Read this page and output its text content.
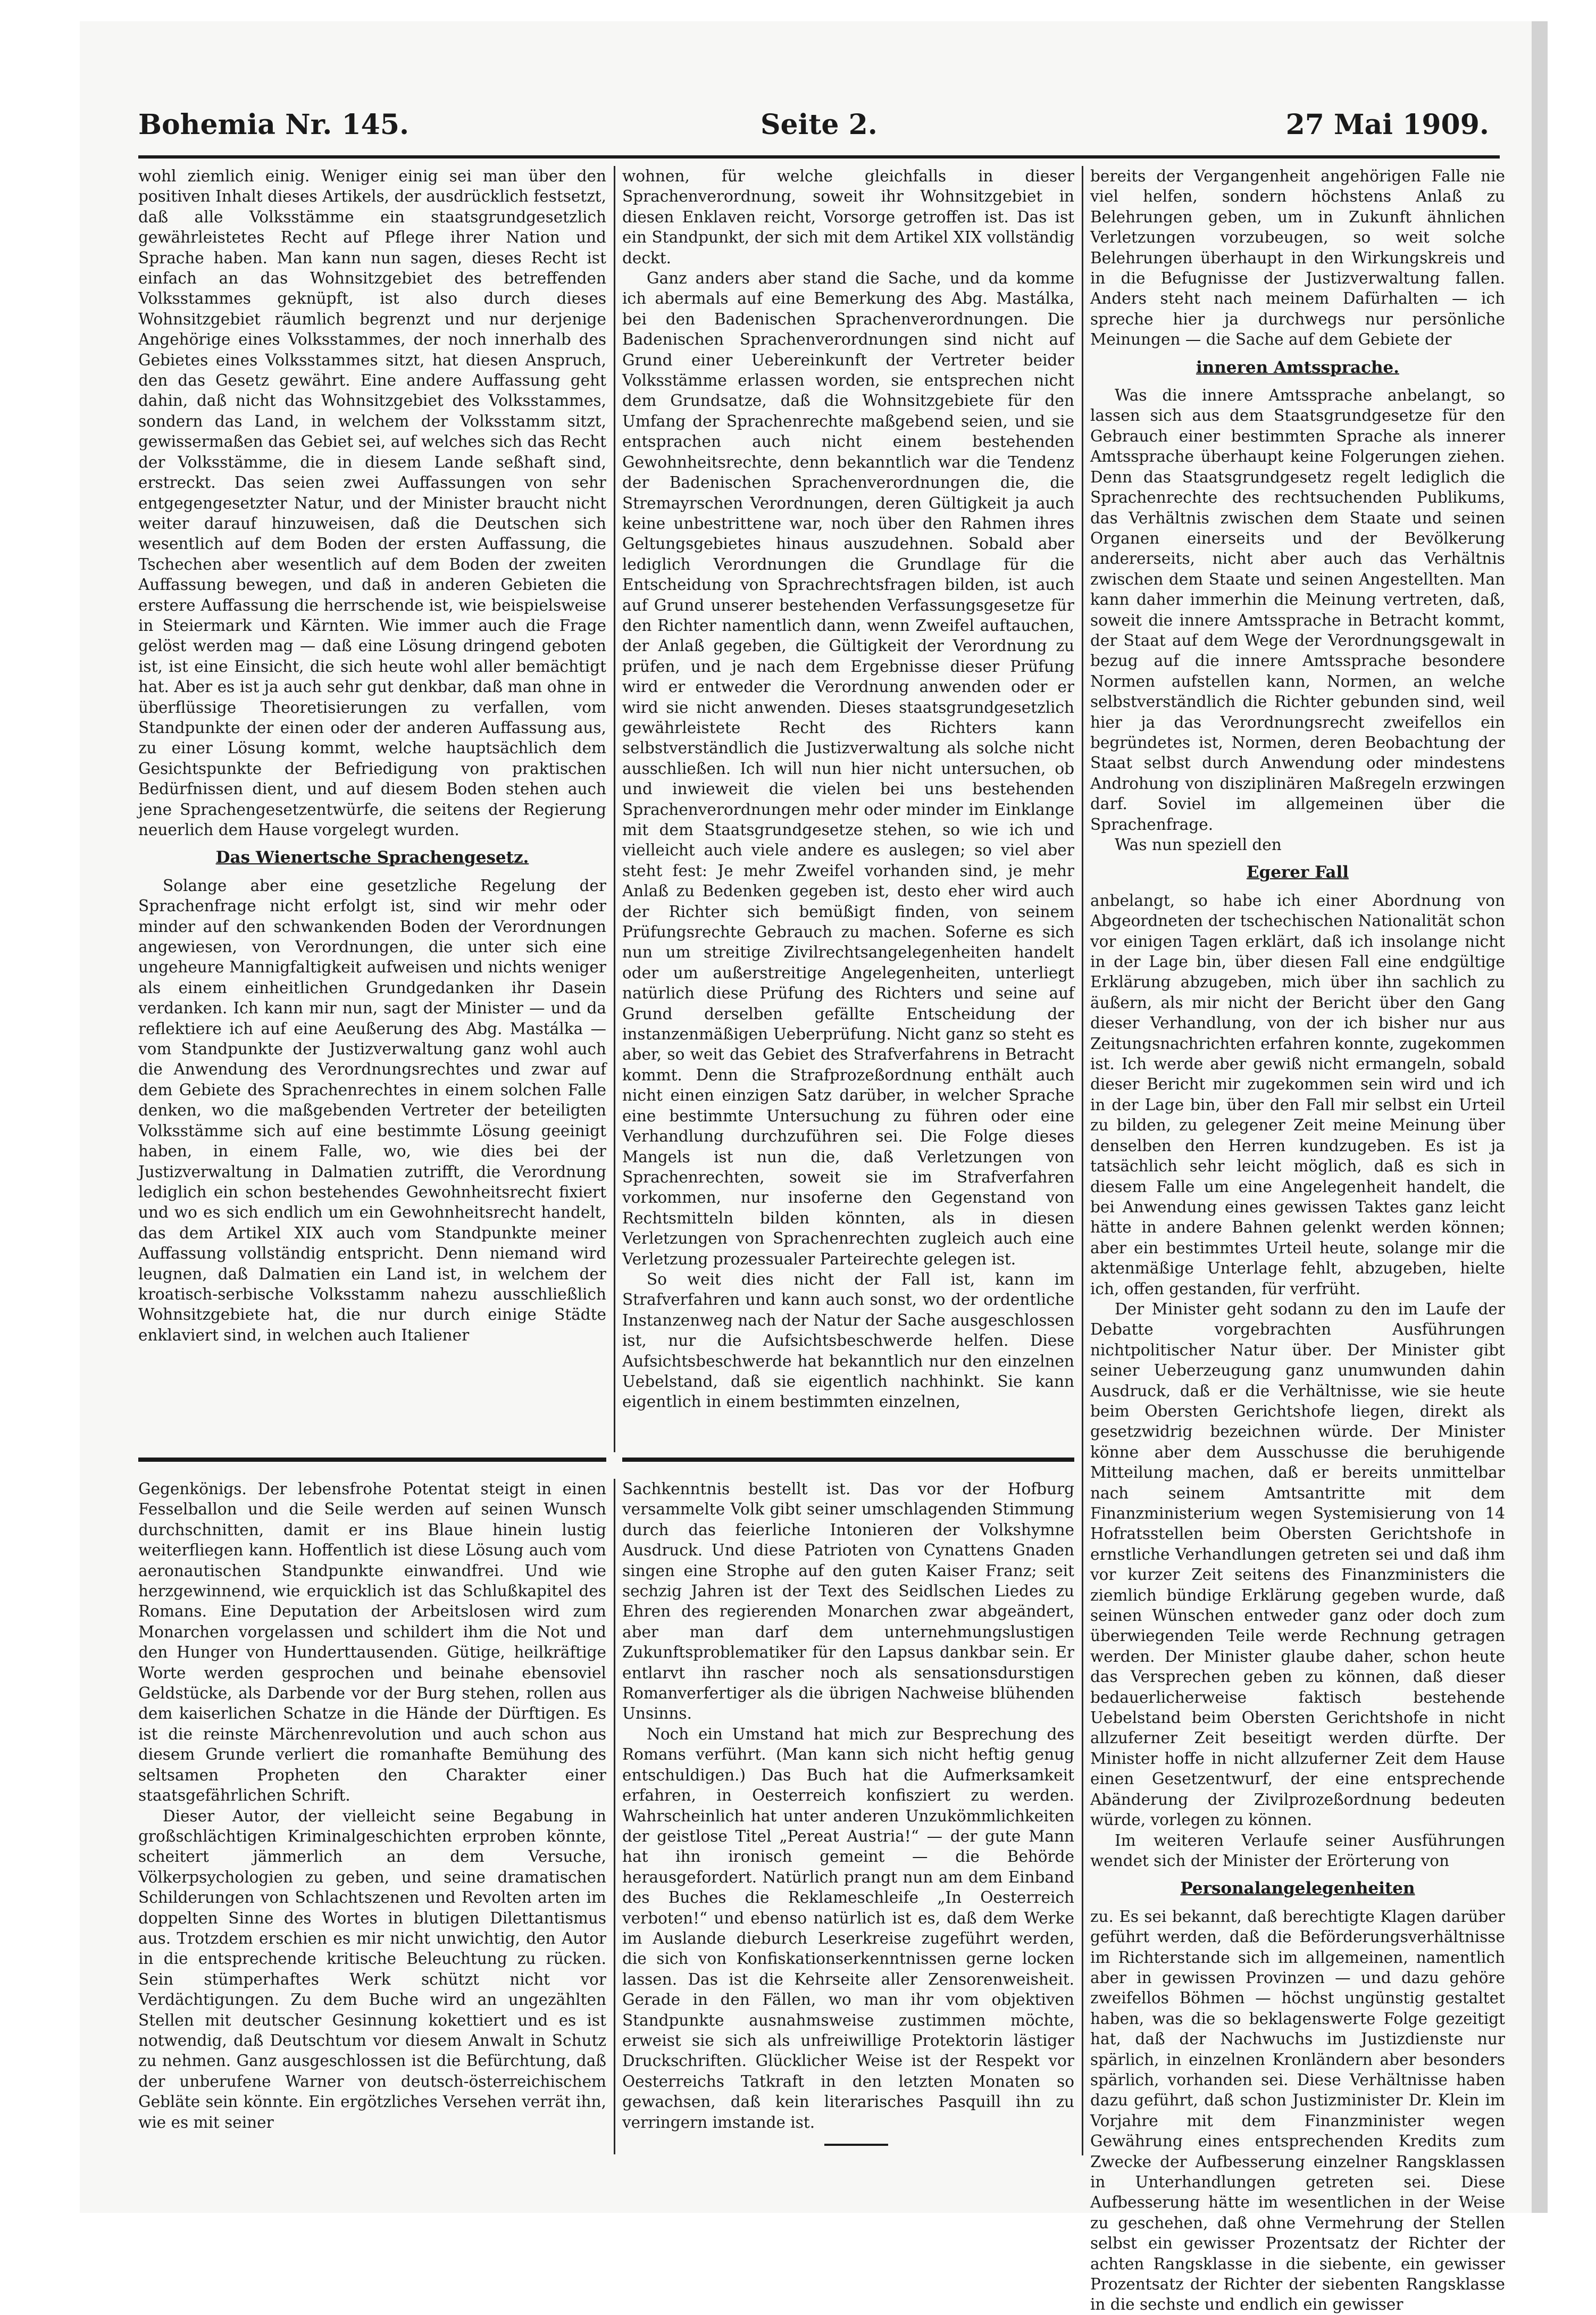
Bohemia Nr. 145.	Seite 2.	27 Mai 1909.

wohl ziemlich einig. Weniger einig sei man über den positiven Inhalt dieses Artikels, der ausdrücklich festsetzt, daß alle Volksstämme ein staatsgrundgesetzlich gewährleistetes Recht auf Pflege ihrer Nation und Sprache haben. Man kann nun sagen, dieses Recht ist einfach an das Wohnsitzgebiet des betreffenden Volksstammes geknüpft, ist also durch dieses Wohnsitzgebiet räumlich begrenzt und nur derjenige Angehörige eines Volksstammes, der noch innerhalb des Gebietes eines Volksstammes sitzt, hat diesen Anspruch, den das Gesetz gewährt. Eine andere Auffassung geht dahin, daß nicht das Wohnsitzgebiet des Volksstammes, sondern das Land, in welchem der Volksstamm sitzt, gewissermaßen das Gebiet sei, auf welches sich das Recht der Volksstämme, die in diesem Lande seßhaft sind, erstreckt. Das seien zwei Auffassungen von sehr entgegengesetzter Natur, und der Minister braucht nicht weiter darauf hinzuweisen, daß die Deutschen sich wesentlich auf dem Boden der ersten Auffassung, die Tschechen aber wesentlich auf dem Boden der zweiten Auffassung bewegen, und daß in anderen Gebieten die erstere Auffassung die herrschende ist, wie beispielsweise in Steiermark und Kärnten. Wie immer auch die Frage gelöst werden mag — daß eine Lösung dringend geboten ist, ist eine Einsicht, die sich heute wohl aller bemächtigt hat. Aber es ist ja auch sehr gut denkbar, daß man ohne in überflüssige Theoretisierungen zu verfallen, vom Standpunkte der einen oder der anderen Auffassung aus, zu einer Lösung kommt, welche hauptsächlich dem Gesichtspunkte der Befriedigung von praktischen Bedürfnissen dient, und auf diesem Boden stehen auch jene Sprachengesetzentwürfe, die seitens der Regierung neuerlich dem Hause vorgelegt wurden.

Das Wienertsche Sprachengesetz.

Solange aber eine gesetzliche Regelung der Sprachenfrage nicht erfolgt ist, sind wir mehr oder minder auf den schwankenden Boden der Verordnungen angewiesen, von Verordnungen, die unter sich eine ungeheure Mannigfaltigkeit aufweisen und nichts weniger als einem einheitlichen Grundgedanken ihr Dasein verdanken. Ich kann mir nun, sagt der Minister — und da reflektiere ich auf eine Aeußerung des Abg. Mastálka — vom Standpunkte der Justizverwaltung ganz wohl auch die Anwendung des Verordnungsrechtes und zwar auf dem Gebiete des Sprachenrechtes in einem solchen Falle denken, wo die maßgebenden Vertreter der beteiligten Volksstämme sich auf eine bestimmte Lösung geeinigt haben, in einem Falle, wo, wie dies bei der Justizverwaltung in Dalmatien zutrifft, die Verordnung lediglich ein schon bestehendes Gewohnheitsrecht fixiert und wo es sich endlich um ein Gewohnheitsrecht handelt, das dem Artikel XIX auch vom Standpunkte meiner Auffassung vollständig entspricht. Denn niemand wird leugnen, daß Dalmatien ein Land ist, in welchem der kroatisch-serbische Volksstamm nahezu ausschließlich Wohnsitzgebiete hat, die nur durch einige Städte enklaviert sind, in welchen auch Italiener

wohnen, für welche gleichfalls in dieser Sprachenverordnung, soweit ihr Wohnsitzgebiet in diesen Enklaven reicht, Vorsorge getroffen ist. Das ist ein Standpunkt, der sich mit dem Artikel XIX vollständig deckt.

Ganz anders aber stand die Sache, und da komme ich abermals auf eine Bemerkung des Abg. Mastálka, bei den Badenischen Sprachenverordnungen. Die Badenischen Sprachenverordnungen sind nicht auf Grund einer Uebereinkunft der Vertreter beider Volksstämme erlassen worden, sie entsprechen nicht dem Grundsatze, daß die Wohnsitzgebiete für den Umfang der Sprachenrechte maßgebend seien, und sie entsprachen auch nicht einem bestehenden Gewohnheitsrechte, denn bekanntlich war die Tendenz der Badenischen Sprachenverordnungen die, die Stremayrschen Verordnungen, deren Gültigkeit ja auch keine unbestrittene war, noch über den Rahmen ihres Geltungsgebietes hinaus auszudehnen. Sobald aber lediglich Verordnungen die Grundlage für die Entscheidung von Sprachrechtsfragen bilden, ist auch auf Grund unserer bestehenden Verfassungsgesetze für den Richter namentlich dann, wenn Zweifel auftauchen, der Anlaß gegeben, die Gültigkeit der Verordnung zu prüfen, und je nach dem Ergebnisse dieser Prüfung wird er entweder die Verordnung anwenden oder er wird sie nicht anwenden. Dieses staatsgrundgesetzlich gewährleistete Recht des Richters kann selbstverständlich die Justizverwaltung als solche nicht ausschließen. Ich will nun hier nicht untersuchen, ob und inwieweit die vielen bei uns bestehenden Sprachenverordnungen mehr oder minder im Einklange mit dem Staatsgrundgesetze stehen, so wie ich und vielleicht auch viele andere es auslegen; so viel aber steht fest: Je mehr Zweifel vorhanden sind, je mehr Anlaß zu Bedenken gegeben ist, desto eher wird auch der Richter sich bemüßigt finden, von seinem Prüfungsrechte Gebrauch zu machen. Soferne es sich nun um streitige Zivilrechtsangelegenheiten handelt oder um außerstreitige Angelegenheiten, unterliegt natürlich diese Prüfung des Richters und seine auf Grund derselben gefällte Entscheidung der instanzenmäßigen Ueberprüfung. Nicht ganz so steht es aber, so weit das Gebiet des Strafverfahrens in Betracht kommt. Denn die Strafprozeßordnung enthält auch nicht einen einzigen Satz darüber, in welcher Sprache eine bestimmte Untersuchung zu führen oder eine Verhandlung durchzuführen sei. Die Folge dieses Mangels ist nun die, daß Verletzungen von Sprachenrechten, soweit sie im Strafverfahren vorkommen, nur insoferne den Gegenstand von Rechtsmitteln bilden könnten, als in diesen Verletzungen von Sprachenrechten zugleich auch eine Verletzung prozessualer Parteirechte gelegen ist.

So weit dies nicht der Fall ist, kann im Strafverfahren und kann auch sonst, wo der ordentliche Instanzenweg nach der Natur der Sache ausgeschlossen ist, nur die Aufsichtsbeschwerde helfen. Diese Aufsichtsbeschwerde hat bekanntlich nur den einzelnen Uebelstand, daß sie eigentlich nachhinkt. Sie kann eigentlich in einem bestimmten einzelnen,

bereits der Vergangenheit angehörigen Falle nie viel helfen, sondern höchstens Anlaß zu Belehrungen geben, um in Zukunft ähnlichen Verletzungen vorzubeugen, so weit solche Belehrungen überhaupt in den Wirkungskreis und in die Befugnisse der Justizverwaltung fallen. Anders steht nach meinem Dafürhalten — ich spreche hier ja durchwegs nur persönliche Meinungen — die Sache auf dem Gebiete der

inneren Amtssprache.

Was die innere Amtssprache anbelangt, so lassen sich aus dem Staatsgrundgesetze für den Gebrauch einer bestimmten Sprache als innerer Amtssprache überhaupt keine Folgerungen ziehen. Denn das Staatsgrundgesetz regelt lediglich die Sprachenrechte des rechtsuchenden Publikums, das Verhältnis zwischen dem Staate und seinen Organen einerseits und der Bevölkerung andererseits, nicht aber auch das Verhältnis zwischen dem Staate und seinen Angestellten. Man kann daher immerhin die Meinung vertreten, daß, soweit die innere Amtssprache in Betracht kommt, der Staat auf dem Wege der Verordnungsgewalt in bezug auf die innere Amtssprache besondere Normen aufstellen kann, Normen, an welche selbstverständlich die Richter gebunden sind, weil hier ja das Verordnungsrecht zweifellos ein begründetes ist, Normen, deren Beobachtung der Staat selbst durch Anwendung oder mindestens Androhung von disziplinären Maßregeln erzwingen darf. Soviel im allgemeinen über die Sprachenfrage.

Was nun speziell den

Egerer Fall

anbelangt, so habe ich einer Abordnung von Abgeordneten der tschechischen Nationalität schon vor einigen Tagen erklärt, daß ich insolange nicht in der Lage bin, über diesen Fall eine endgültige Erklärung abzugeben, mich über ihn sachlich zu äußern, als mir nicht der Bericht über den Gang dieser Verhandlung, von der ich bisher nur aus Zeitungsnachrichten erfahren konnte, zugekommen ist. Ich werde aber gewiß nicht ermangeln, sobald dieser Bericht mir zugekommen sein wird und ich in der Lage bin, über den Fall mir selbst ein Urteil zu bilden, zu gelegener Zeit meine Meinung über denselben den Herren kundzugeben. Es ist ja tatsächlich sehr leicht möglich, daß es sich in diesem Falle um eine Angelegenheit handelt, die bei Anwendung eines gewissen Taktes ganz leicht hätte in andere Bahnen gelenkt werden können; aber ein bestimmtes Urteil heute, solange mir die aktenmäßige Unterlage fehlt, abzugeben, hielte ich, offen gestanden, für verfrüht.

Der Minister geht sodann zu den im Laufe der Debatte vorgebrachten Ausführungen nichtpolitischer Natur über. Der Minister gibt seiner Ueberzeugung ganz unumwunden dahin Ausdruck, daß er die Verhältnisse, wie sie heute beim Obersten Gerichtshofe liegen, direkt als gesetzwidrig bezeichnen würde. Der Minister könne aber dem Ausschusse die beruhigende Mitteilung machen, daß er bereits unmittelbar nach seinem Amtsantritte mit dem Finanzministerium wegen Systemisierung von 14 Hofratsstellen beim Obersten Gerichtshofe in ernstliche Verhandlungen getreten sei und daß ihm vor kurzer Zeit seitens des Finanzministers die ziemlich bündige Erklärung gegeben wurde, daß seinen Wünschen entweder ganz oder doch zum überwiegenden Teile werde Rechnung getragen werden. Der Minister glaube daher, schon heute das Versprechen geben zu können, daß dieser bedauerlicherweise faktisch bestehende Uebelstand beim Obersten Gerichtshofe in nicht allzuferner Zeit beseitigt werden dürfte. Der Minister hoffe in nicht allzuferner Zeit dem Hause einen Gesetzentwurf, der eine entsprechende Abänderung der Zivilprozeßordnung bedeuten würde, vorlegen zu können.

Im weiteren Verlaufe seiner Ausführungen wendet sich der Minister der Erörterung von

Personalangelegenheiten

zu. Es sei bekannt, daß berechtigte Klagen darüber geführt werden, daß die Beförderungsverhältnisse im Richterstande sich im allgemeinen, namentlich aber in gewissen Provinzen — und dazu gehöre zweifellos Böhmen — höchst ungünstig gestaltet haben, was die so beklagenswerte Folge gezeitigt hat, daß der Nachwuchs im Justizdienste nur spärlich, in einzelnen Kronländern aber besonders spärlich, vorhanden sei. Diese Verhältnisse haben dazu geführt, daß schon Justizminister Dr. Klein im Vorjahre mit dem Finanzminister wegen Gewährung eines entsprechenden Kredits zum Zwecke der Aufbesserung einzelner Rangsklassen in Unterhandlungen getreten sei. Diese Aufbesserung hätte im wesentlichen in der Weise zu geschehen, daß ohne Vermehrung der Stellen selbst ein gewisser Prozentsatz der Richter der achten Rangsklasse in die siebente, ein gewisser Prozentsatz der Richter der siebenten Rangsklasse in die sechste und endlich ein gewisser

Gegenkönigs. Der lebensfrohe Potentat steigt in einen Fesselballon und die Seile werden auf seinen Wunsch durchschnitten, damit er ins Blaue hinein lustig weiterfliegen kann. Hoffentlich ist diese Lösung auch vom aeronautischen Standpunkte einwandfrei. Und wie herzgewinnend, wie erquicklich ist das Schlußkapitel des Romans. Eine Deputation der Arbeitslosen wird zum Monarchen vorgelassen und schildert ihm die Not und den Hunger von Hunderttausenden. Gütige, heilkräftige Worte werden gesprochen und beinahe ebensoviel Geldstücke, als Darbende vor der Burg stehen, rollen aus dem kaiserlichen Schatze in die Hände der Dürftigen. Es ist die reinste Märchenrevolution und auch schon aus diesem Grunde verliert die romanhafte Bemühung des seltsamen Propheten den Charakter einer staatsgefährlichen Schrift.

Dieser Autor, der vielleicht seine Begabung in großschlächtigen Kriminalgeschichten erproben könnte, scheitert jämmerlich an dem Versuche, Völkerpsychologien zu geben, und seine dramatischen Schilderungen von Schlachtszenen und Revolten arten im doppelten Sinne des Wortes in blutigen Dilettantismus aus. Trotzdem erschien es mir nicht unwichtig, den Autor in die entsprechende kritische Beleuchtung zu rücken. Sein stümperhaftes Werk schützt nicht vor Verdächtigungen. Zu dem Buche wird an ungezählten Stellen mit deutscher Gesinnung kokettiert und es ist notwendig, daß Deutschtum vor diesem Anwalt in Schutz zu nehmen. Ganz ausgeschlossen ist die Befürchtung, daß der unberufene Warner von deutsch-österreichischem Gebläte sein könnte. Ein ergötzliches Versehen verrät ihn, wie es mit seiner

Sachkenntnis bestellt ist. Das vor der Hofburg versammelte Volk gibt seiner umschlagenden Stimmung durch das feierliche Intonieren der Volkshymne Ausdruck. Und diese Patrioten von Cynattens Gnaden singen eine Strophe auf den guten Kaiser Franz; seit sechzig Jahren ist der Text des Seidlschen Liedes zu Ehren des regierenden Monarchen zwar abgeändert, aber man darf dem unternehmungslustigen Zukunftsproblematiker für den Lapsus dankbar sein. Er entlarvt ihn rascher noch als sensationsdurstigen Romanverfertiger als die übrigen Nachweise blühenden Unsinns.

Noch ein Umstand hat mich zur Besprechung des Romans verführt. (Man kann sich nicht heftig genug entschuldigen.) Das Buch hat die Aufmerksamkeit erfahren, in Oesterreich konfisziert zu werden. Wahrscheinlich hat unter anderen Unzukömmlichkeiten der geistlose Titel „Pereat Austria!“ — der gute Mann hat ihn ironisch gemeint — die Behörde herausgefordert. Natürlich prangt nun am dem Einband des Buches die Reklameschleife „In Oesterreich verboten!“ und ebenso natürlich ist es, daß dem Werke im Auslande dieburch Leserkreise zugeführt werden, die sich von Konfiskationserkenntnissen gerne locken lassen. Das ist die Kehrseite aller Zensorenweisheit. Gerade in den Fällen, wo man ihr vom objektiven Standpunkte ausnahmsweise zustimmen möchte, erweist sie sich als unfreiwillige Protektorin lästiger Druckschriften. Glücklicher Weise ist der Respekt vor Oesterreichs Tatkraft in den letzten Monaten so gewachsen, daß kein literarisches Pasquill ihn zu verringern imstande ist.
